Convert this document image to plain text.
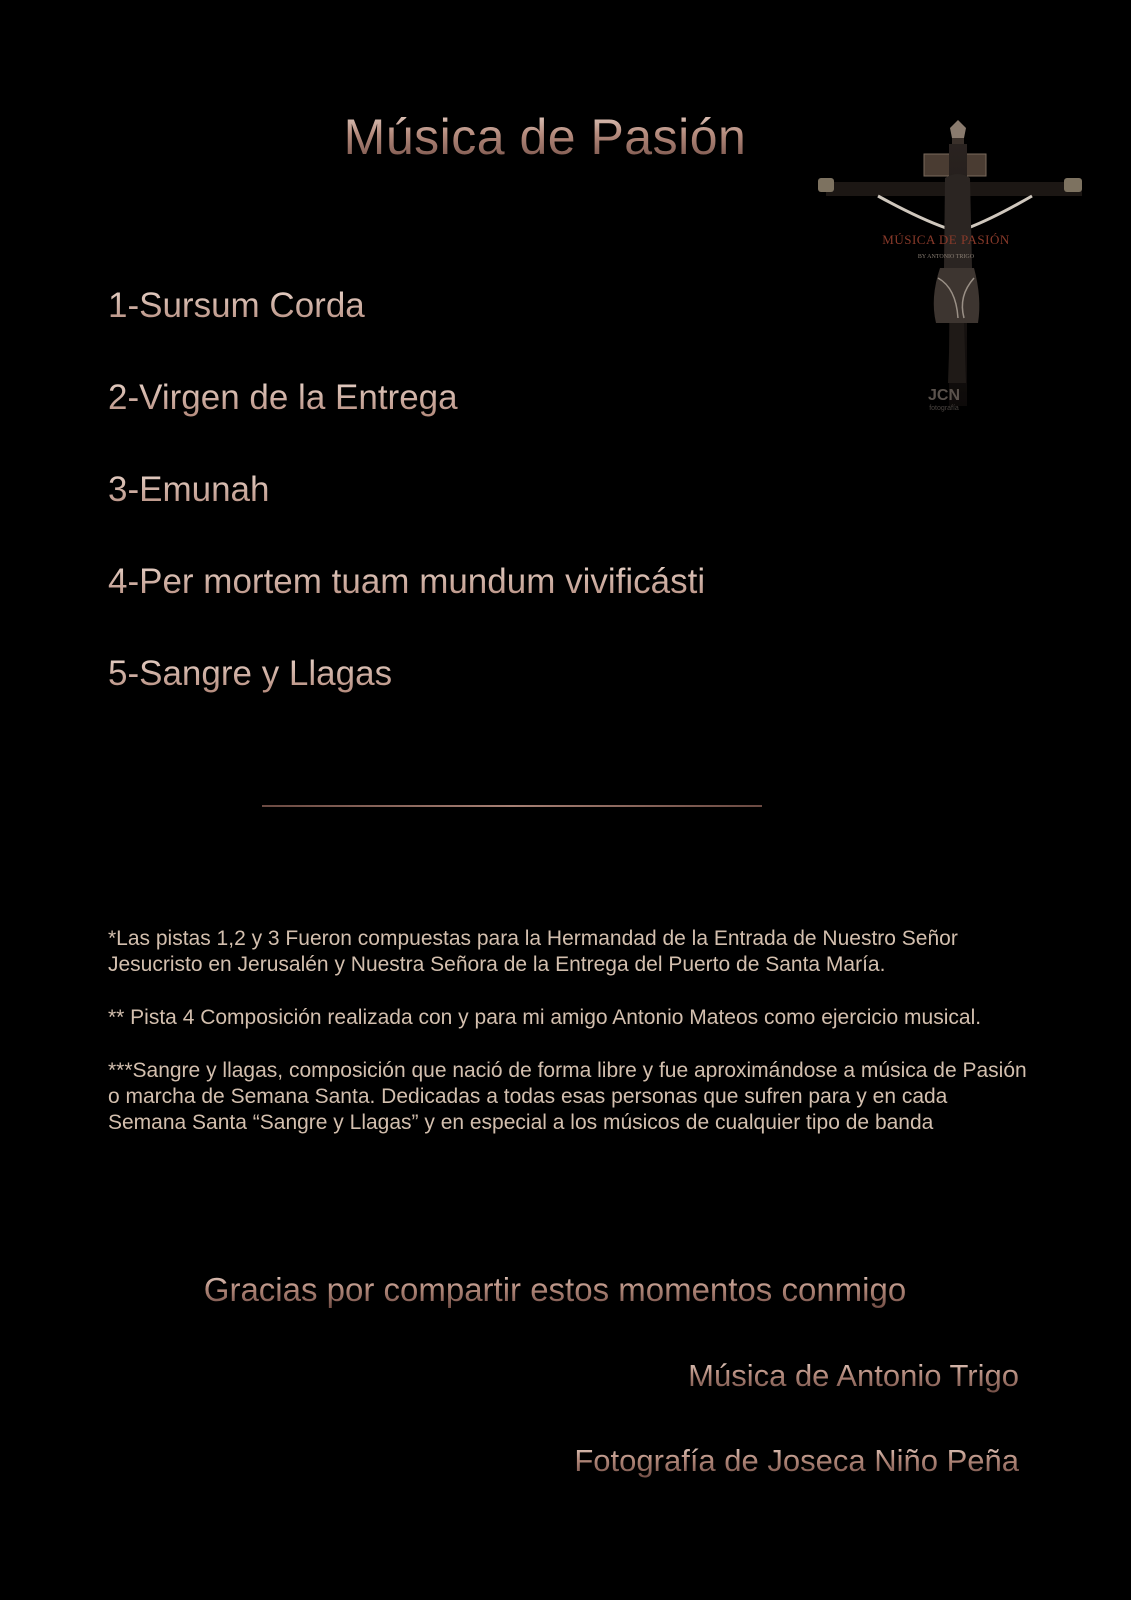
Música de Pasión
MÚSICA DE PASIÓN
BY ANTONIO TRIGO
JCN
fotografía
1-Sursum Corda
2-Virgen de la Entrega
3-Emunah
4-Per mortem tuam mundum vivificásti
5-Sangre y Llagas

*Las pistas 1,2 y 3 Fueron compuestas para la Hermandad de la Entrada de Nuestro Señor Jesucristo en Jerusalén y Nuestra Señora de la Entrega del Puerto de Santa María.

** Pista 4 Composición realizada con y para mi amigo Antonio Mateos como ejercicio musical.

***Sangre y llagas, composición que nació de forma libre y fue aproximándose a música de Pasión o marcha de Semana Santa. Dedicadas a todas esas personas que sufren para y en cada Semana Santa “Sangre y Llagas” y en especial a los músicos de cualquier tipo de banda

Gracias por compartir estos momentos conmigo
Música de Antonio Trigo
Fotografía de Joseca Niño Peña
